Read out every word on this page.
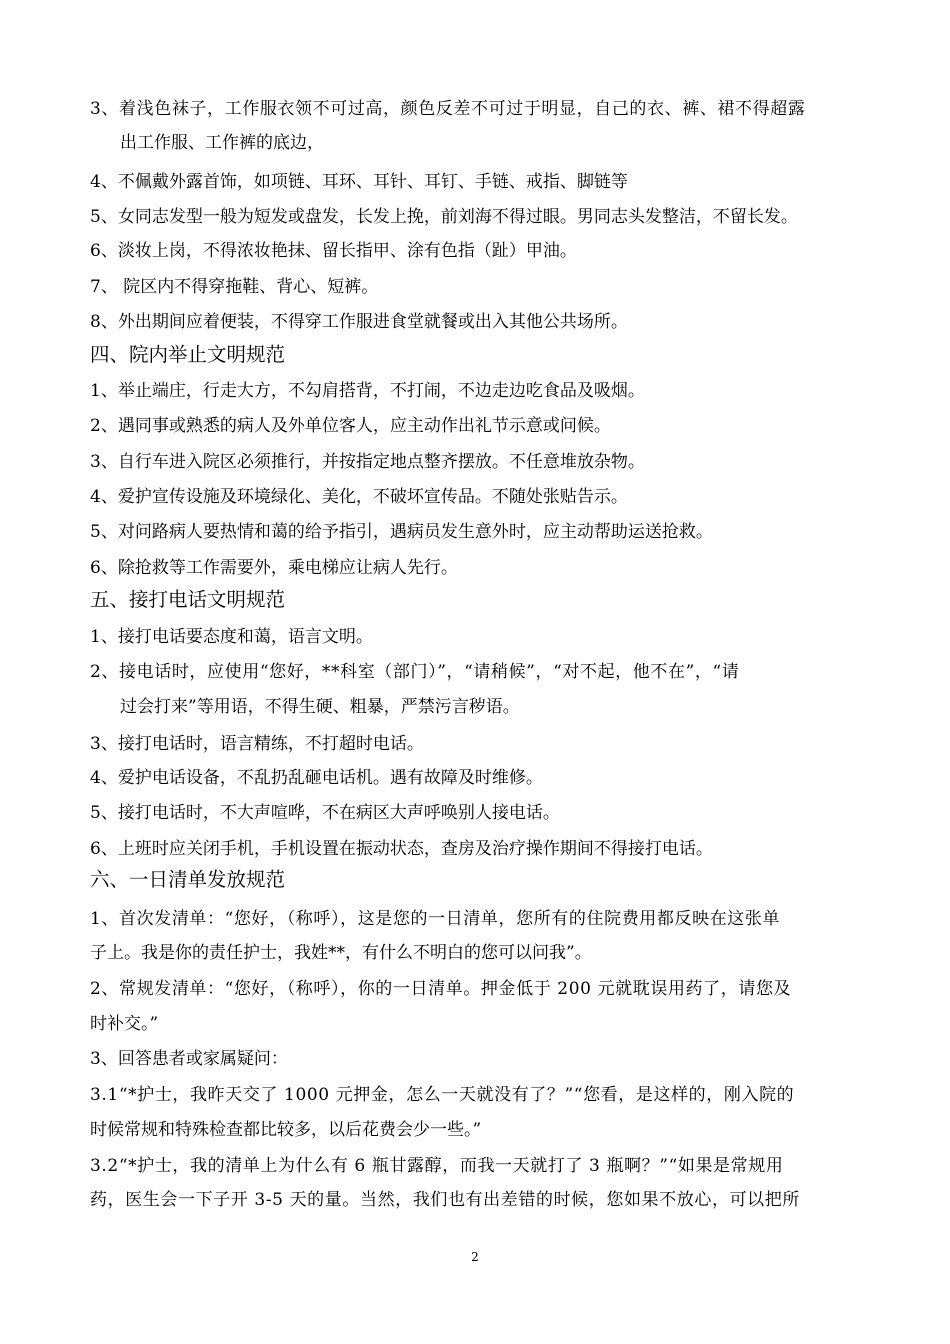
3、着浅色袜子，工作服衣领不可过高，颜色反差不可过于明显，自己的衣、裤、裙不得超露
出工作服、工作裤的底边，
4、不佩戴外露首饰，如项链、耳环、耳针、耳钉、手链、戒指、脚链等
5、女同志发型一般为短发或盘发，长发上挽，前刘海不得过眼。男同志头发整洁，不留长发。
6、淡妆上岗，不得浓妆艳抹、留长指甲、涂有色指（趾）甲油。
7、 院区内不得穿拖鞋、背心、短裤。
8、外出期间应着便装，不得穿工作服进食堂就餐或出入其他公共场所。
四、院内举止文明规范
1、举止端庄，行走大方，不勾肩搭背，不打闹，不边走边吃食品及吸烟。
2、遇同事或熟悉的病人及外单位客人，应主动作出礼节示意或问候。
3、自行车进入院区必须推行，并按指定地点整齐摆放。不任意堆放杂物。
4、爱护宣传设施及环境绿化、美化，不破坏宣传品。不随处张贴告示。
5、对问路病人要热情和蔼的给予指引，遇病员发生意外时，应主动帮助运送抢救。
6、除抢救等工作需要外，乘电梯应让病人先行。
五、接打电话文明规范
1、接打电话要态度和蔼，语言文明。
2、接电话时，应使用“您好，**科室（部门）”，“请稍候”，“对不起，他不在”，“请
过会打来”等用语，不得生硬、粗暴，严禁污言秽语。
3、接打电话时，语言精练，不打超时电话。
4、爱护电话设备，不乱扔乱砸电话机。遇有故障及时维修。
5、接打电话时，不大声喧哗，不在病区大声呼唤别人接电话。
6、上班时应关闭手机，手机设置在振动状态，查房及治疗操作期间不得接打电话。
六、一日清单发放规范
1、首次发清单：“您好，（称呼），这是您的一日清单，您所有的住院费用都反映在这张单
子上。我是你的责任护士，我姓**，有什么不明白的您可以问我”。
2、常规发清单：“您好，（称呼），你的一日清单。押金低于 200 元就耽误用药了，请您及
时补交。”
3、回答患者或家属疑问：
3.1“*护士，我昨天交了 1000 元押金，怎么一天就没有了？”“您看，是这样的，刚入院的
时候常规和特殊检查都比较多，以后花费会少一些。”
3.2“*护士，我的清单上为什么有 6 瓶甘露醇，而我一天就打了 3 瓶啊？”“如果是常规用
药，医生会一下子开 3-5 天的量。当然，我们也有出差错的时候，您如果不放心，可以把所
2
